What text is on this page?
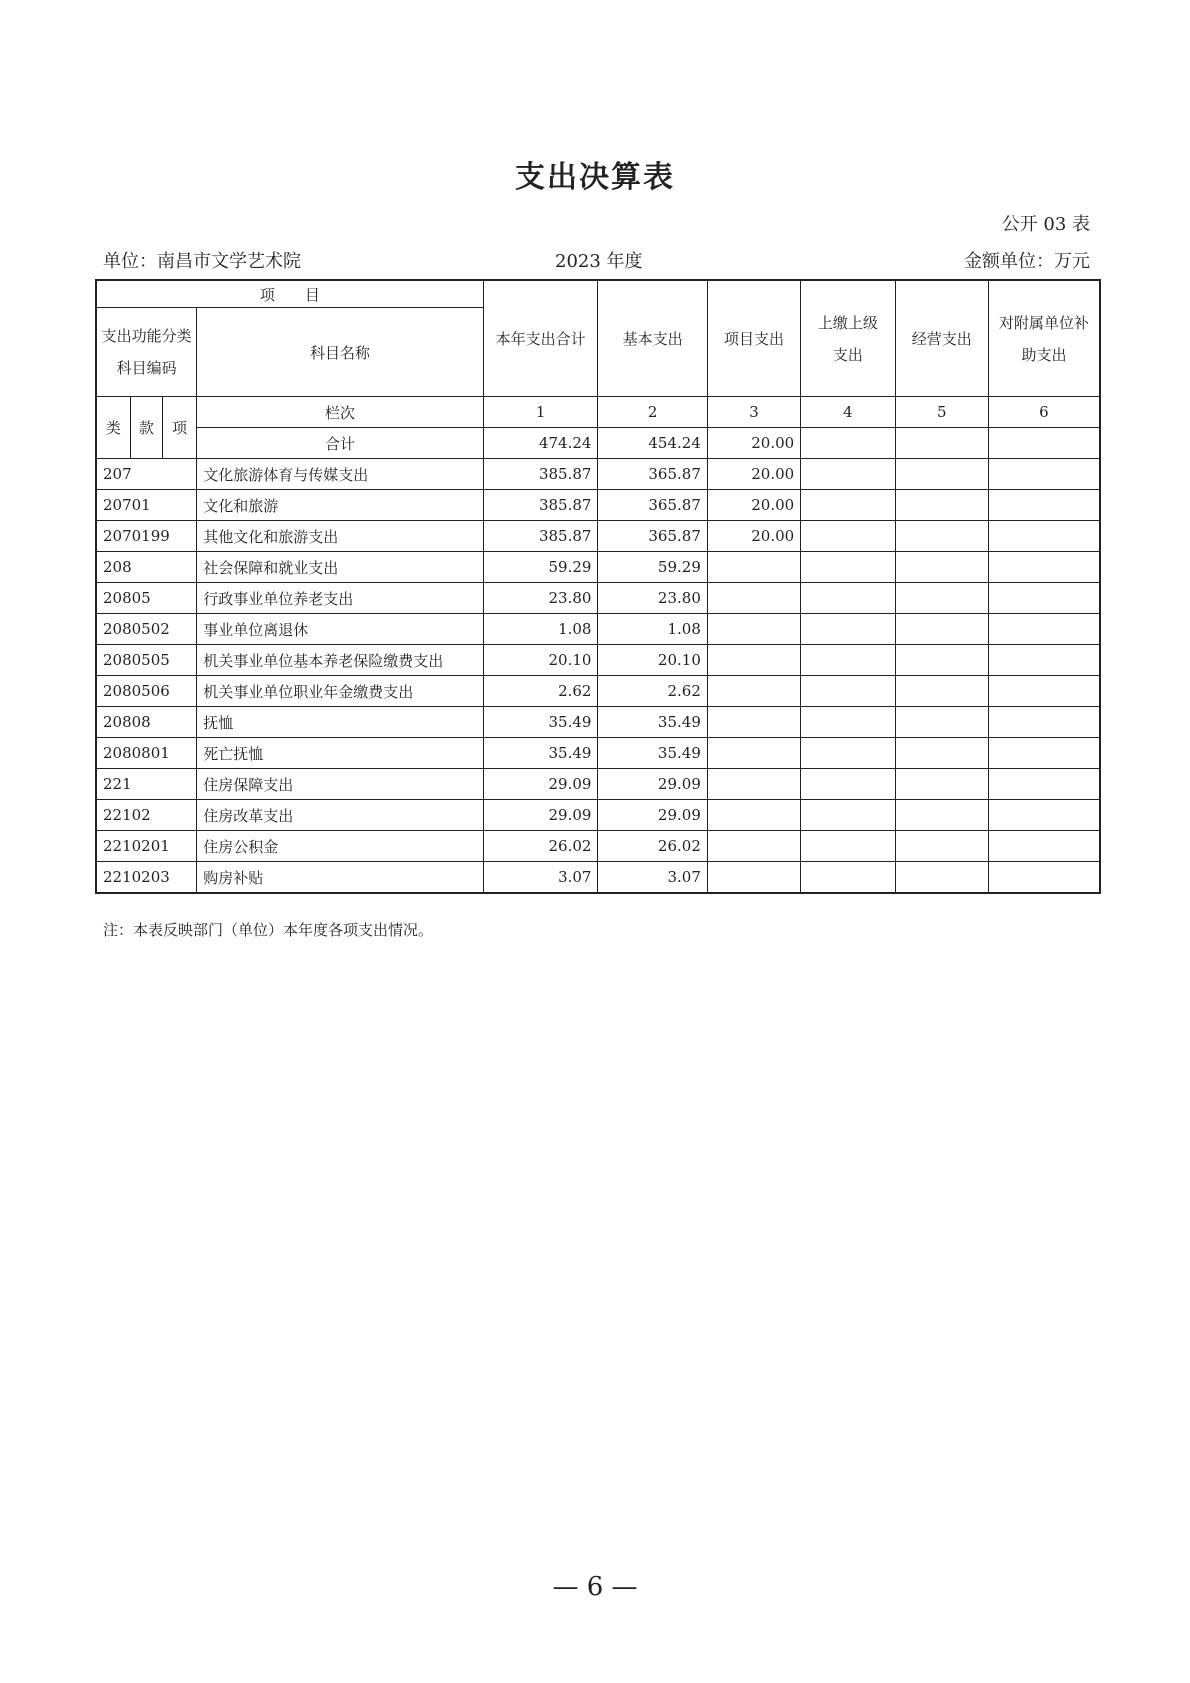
支出决算表
公开 03 表
单位：南昌市文学艺术院	2023 年度	金额单位：万元
项　　目				本年支出合计	基本支出	项目支出	上缴上级支出	经营支出	对附属单位补助支出
支出功能分类科目编码			科目名称						
类	款	项	栏次	1	2	3	4	5	6
			合计	474.24	454.24	20.00			
207			文化旅游体育与传媒支出	385.87	365.87	20.00			
20701			文化和旅游	385.87	365.87	20.00			
2070199			其他文化和旅游支出	385.87	365.87	20.00			
208			社会保障和就业支出	59.29	59.29				
20805			行政事业单位养老支出	23.80	23.80				
2080502			事业单位离退休	1.08	1.08				
2080505			机关事业单位基本养老保险缴费支出	20.10	20.10				
2080506			机关事业单位职业年金缴费支出	2.62	2.62				
20808			抚恤	35.49	35.49				
2080801			死亡抚恤	35.49	35.49				
221			住房保障支出	29.09	29.09				
22102			住房改革支出	29.09	29.09				
2210201			住房公积金	26.02	26.02				
2210203			购房补贴	3.07	3.07				
注：本表反映部门（单位）本年度各项支出情况。
— 6 —
